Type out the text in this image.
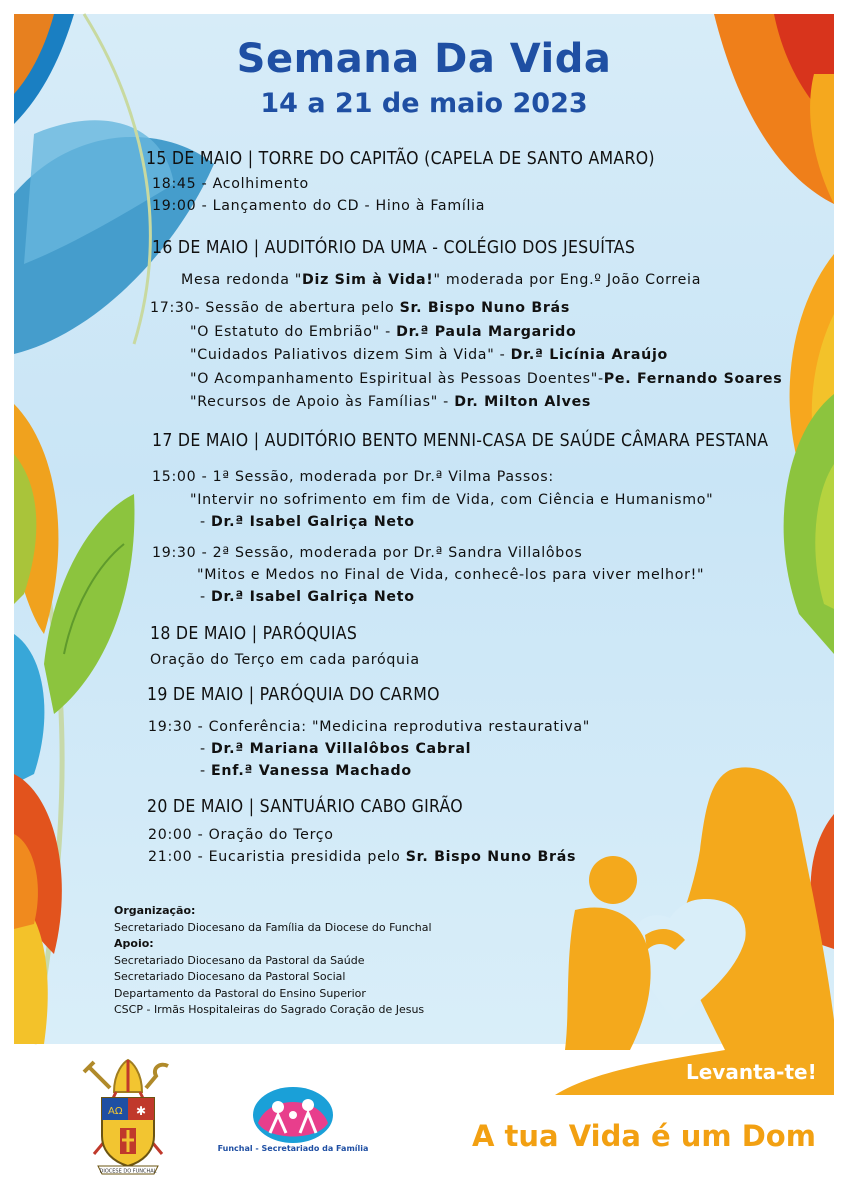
Semana Da Vida
14 a 21 de maio 2023
15 DE MAIO | TORRE DO CAPITÃO (CAPELA DE SANTO AMARO)
18:45 - Acolhimento
19:00 - Lançamento do CD - Hino à Família
16 DE MAIO | AUDITÓRIO DA UMA - COLÉGIO DOS JESUÍTAS
Mesa redonda "Diz Sim à Vida!" moderada por Eng.º João Correia
17:30- Sessão de abertura pelo Sr. Bispo Nuno Brás
"O Estatuto do Embrião" - Dr.ª Paula Margarido
"Cuidados Paliativos dizem Sim à Vida" - Dr.ª Licínia Araújo
"O Acompanhamento Espiritual às Pessoas Doentes"-Pe. Fernando Soares
"Recursos de Apoio às Famílias" - Dr. Milton Alves
17 DE MAIO | AUDITÓRIO BENTO MENNI-CASA DE SAÚDE CÂMARA PESTANA
15:00 - 1ª Sessão, moderada por Dr.ª Vilma Passos:
"Intervir no sofrimento em fim de Vida, com Ciência e Humanismo"
- Dr.ª Isabel Galriça Neto
19:30 - 2ª Sessão, moderada por Dr.ª Sandra Villalôbos
"Mitos e Medos no Final de Vida, conhecê-los para viver melhor!"
- Dr.ª Isabel Galriça Neto
18 DE MAIO | PARÓQUIAS
Oração do Terço em cada paróquia
19 DE MAIO | PARÓQUIA DO CARMO
19:30 - Conferência: "Medicina reprodutiva restaurativa"
- Dr.ª Mariana Villalôbos Cabral
- Enf.ª Vanessa Machado
20 DE MAIO | SANTUÁRIO CABO GIRÃO
20:00 - Oração do Terço
21:00 - Eucaristia presidida pelo Sr. Bispo Nuno Brás
Organização:
Secretariado Diocesano da Família da Diocese do Funchal
Apoio:
Secretariado Diocesano da Pastoral da Saúde
Secretariado Diocesano da Pastoral Social
Departamento da Pastoral do Ensino Superior
CSCP - Irmãs Hospitaleiras do Sagrado Coração de Jesus
Levanta-te!
A tua Vida é um Dom
ΑΩ ✱
DIOCESE DO FUNCHAL
Funchal - Secretariado da Família
